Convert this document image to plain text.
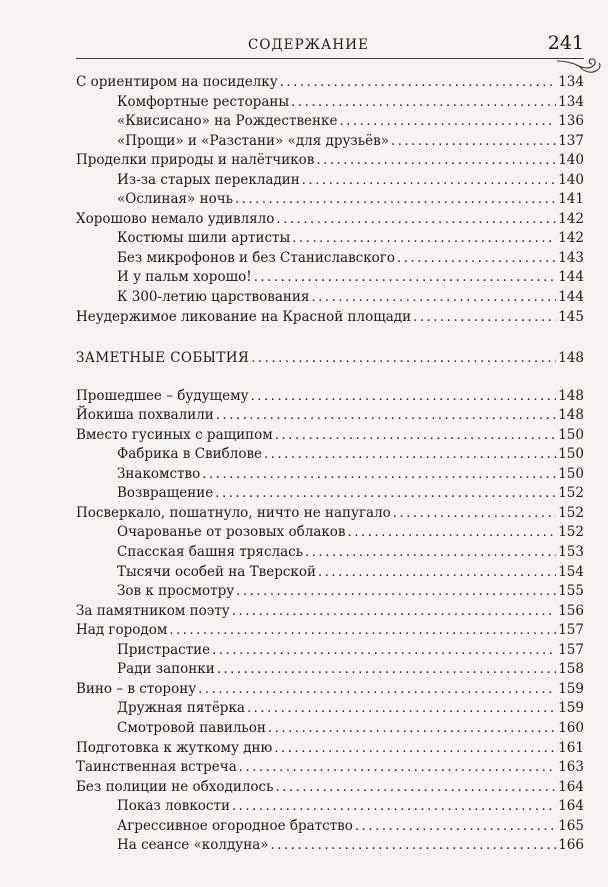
СОДЕРЖАНИЕ	241
С ориентиром на посиделку .....	134
Комфортные рестораны .....	134
«Квисисано» на Рождественке .....	136
«Прощи» и «Разстани» «для друзьёв» .....	137
Проделки природы и налётчиков .....	140
Из-за старых перекладин .....	140
«Ослиная» ночь .....	141
Хорошово немало удивляло .....	142
Костюмы шили артисты .....	142
Без микрофонов и без Станиславского .....	143
И у пальм хорошо! .....	144
К 300-летию царствования .....	144
Неудержимое ликование на Красной площади .....	145
ЗАМЕТНЫЕ СОБЫТИЯ .....	148
Прошедшее – будущему .....	148
Йокиша похвалили .....	148
Вместо гусиных с ращипом .....	150
Фабрика в Свиблове .....	150
Знакомство .....	150
Возвращение .....	152
Посверкало, пошатнуло, ничто не напугало .....	152
Очарованье от розовых облаков .....	152
Спасская башня тряслась .....	153
Тысячи особей на Тверской .....	154
Зов к просмотру .....	155
За памятником поэту .....	156
Над городом .....	157
Пристрастие .....	157
Ради запонки .....	158
Вино – в сторону .....	159
Дружная пятёрка .....	159
Смотровой павильон .....	160
Подготовка к жуткому дню .....	161
Таинственная встреча .....	163
Без полиции не обходилось .....	164
Показ ловкости .....	164
Агрессивное огородное братство .....	165
На сеансе «колдуна» .....	166
